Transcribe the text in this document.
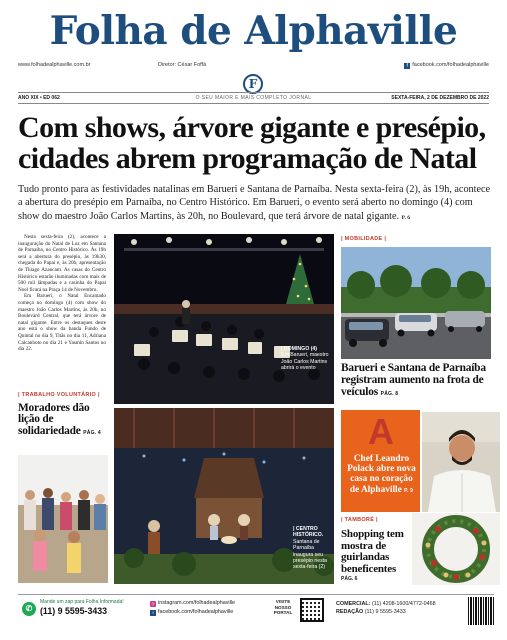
Folha de Alphaville
www.folhadealphaville.com.br	Diretor: César Foffá	f facebook.com/folhadealphaville
F
ANO XIX • ED 062	O SEU MAIOR E MAIS COMPLETO JORNAL	SEXTA-FEIRA, 2 DE DEZEMBRO DE 2022
Com shows, árvore gigante e presépio, cidades abrem programação de Natal

Tudo pronto para as festividades natalinas em Barueri e Santana de Parnaíba. Nesta sexta-feira (2), às 19h, acontece a abertura do presépio em Parnaíba, no Centro Histórico. Em Barueri, o evento será aberto no domingo (4) com show do maestro João Carlos Martins, às 20h, no Boulevard, que terá árvore de natal gigante. P. 6

Nesta sexta-feira (2), acontece a inauguração do Natal de Luz em Santana de Parnaíba, no Centro Histórico. Às 19h será a abertura do presépio, às 19h30, chegada do Papai e, às 20h, apresentação de Thiago Azancam. As casas do Centro Histórico estarão iluminadas com mais de 500 mil lâmpadas e a casinha do Papai Noel ficará na Praça 14 de Novembro.

Em Barueri, o Natal Encantado começa no domingo (4) com show do maestro João Carlos Martins, às 20h, no Boulevard Central, que terá árvore de natal gigante. Entre os destaques deste ano está o show da banda Fundo de Quintal no dia 9, Titãs no dia 11, Adriana Calcanhoto no dia 21 e Yasmin Santos no dia 22.	| DOMINGO (4)
Em Barueri, maestro João Carlos Martins abrirá o evento
| CENTRO HISTÓRICO.
Santana de Parnaíba inaugura seu presépio nesta sexta-feira (2)
| MOBILIDADE |
Barueri e Santana de Parnaíba registram aumento na frota de veículos PÁG. 8
| TRABALHO VOLUNTÁRIO |
Moradores dão lição de solidariedade PÁG. 4	A
Chef Leandro Polack abre nova casa no coração de Alphaville P. 9
| TAMBORÉ |
Shopping tem mostra de guirlandas beneficentes
PÁG. 6
✆
Mande um zap para Folha Informada!
(11) 9 5595-3433
◎ instagram.com/folhadealphaville
f facebook.com/folhadealphaville
VISITE NOSSO PORTAL
COMERCIAL: (11) 4208-1600/4772-0468
REDAÇÃO (11) 9 5595-3433
